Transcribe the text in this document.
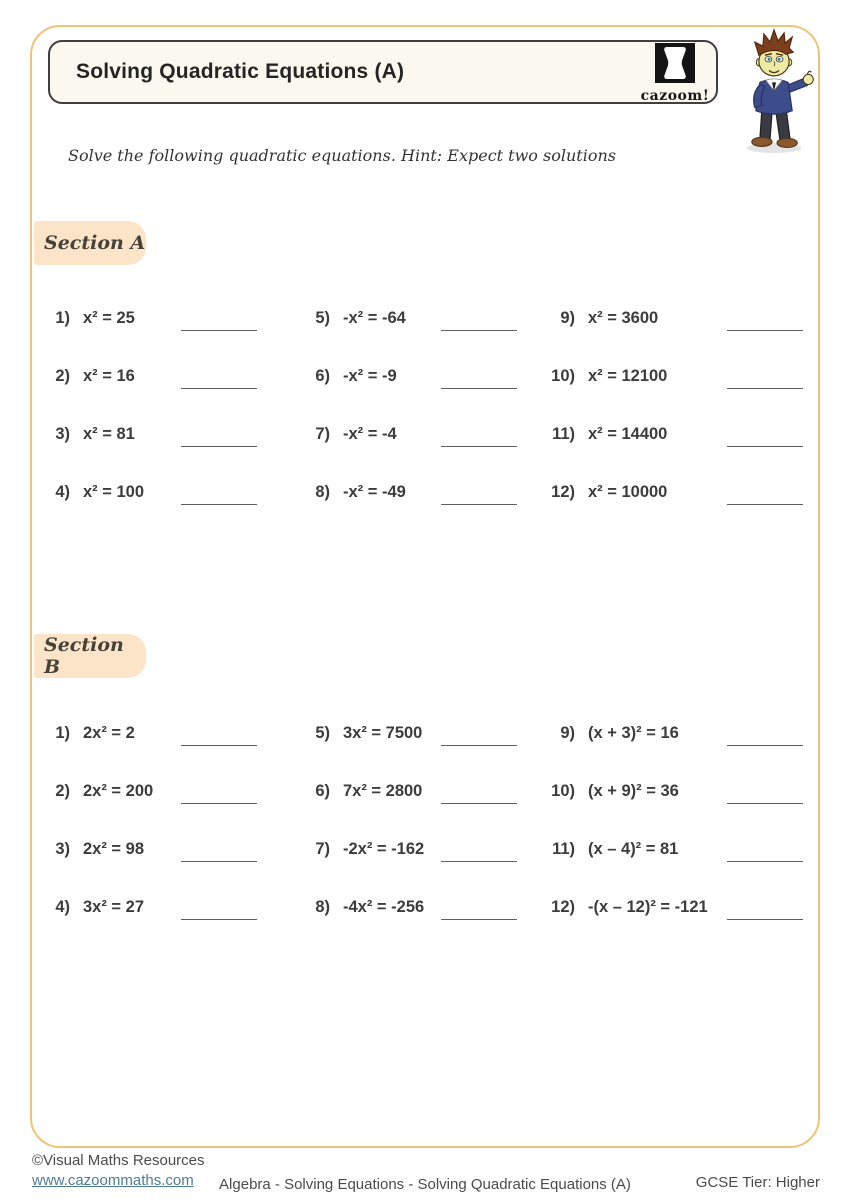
Solving Quadratic Equations (A)
cazoom!
Solve the following quadratic equations. Hint: Expect two solutions
Section A
1) x² = 25
2) x² = 16
3) x² = 81
4) x² = 100
5) -x² = -64
6) -x² = -9
7) -x² = -4
8) -x² = -49
9) x² = 3600
10) x² = 12100
11) x² = 14400
12) x² = 10000
Section B
1) 2x² = 2
2) 2x² = 200
3) 2x² = 98
4) 3x² = 27
5) 3x² = 7500
6) 7x² = 2800
7) -2x² = -162
8) -4x² = -256
9) (x + 3)² = 16
10) (x + 9)² = 36
11) (x – 4)² = 81
12) -(x – 12)² = -121
©Visual Maths Resources
www.cazoommaths.com	Algebra - Solving Equations - Solving Quadratic Equations (A)	GCSE Tier: Higher
